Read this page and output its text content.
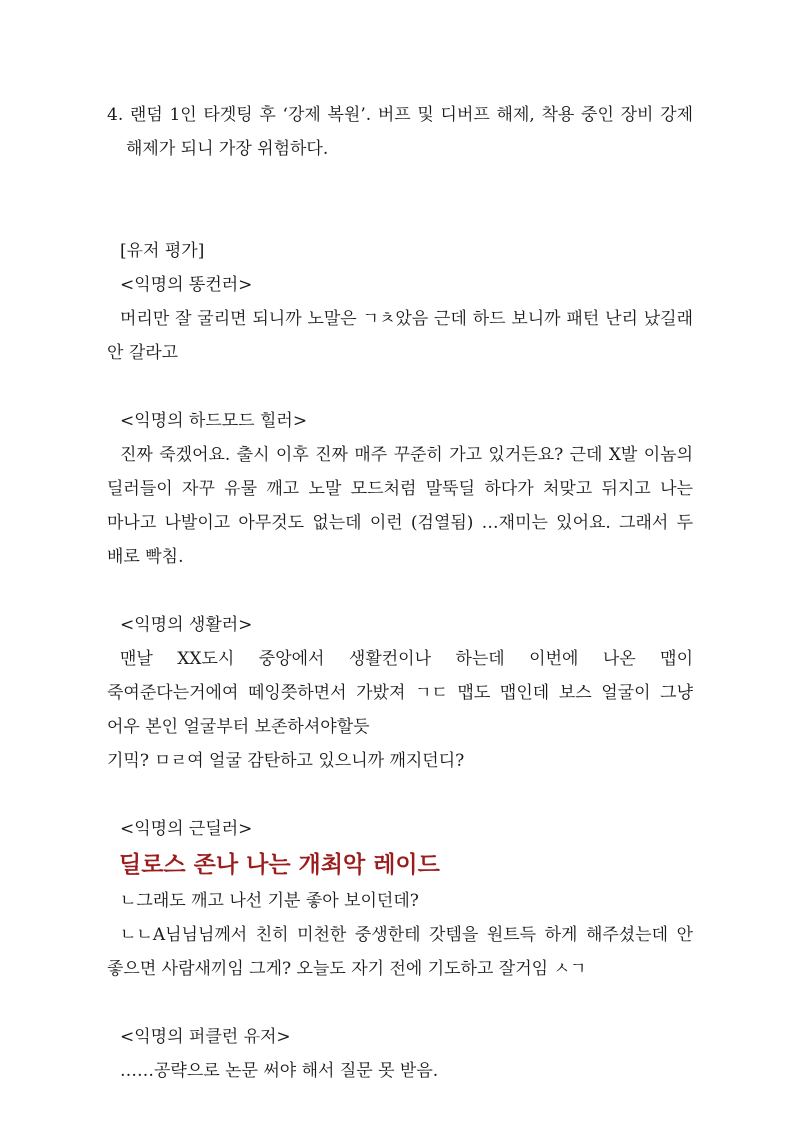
4. 랜덤 1인 타겟팅 후 ‘강제 복원’. 버프 및 디버프 해제, 착용 중인 장비 강제 해제가 되니 가장 위험하다.

[유저 평가]

<익명의 똥컨러>

머리만 잘 굴리면 되니까 노말은 ㄱㅊ았음 근데 하드 보니까 패턴 난리 났길래 안 갈라고

<익명의 하드모드 힐러>

진짜 죽겠어요. 출시 이후 진짜 매주 꾸준히 가고 있거든요? 근데 X발 이놈의 딜러들이 자꾸 유물 깨고 노말 모드처럼 말뚝딜 하다가 처맞고 뒤지고 나는 마나고 나발이고 아무것도 없는데 이런 (검열됨) …재미는 있어요. 그래서 두 배로 빡침.

<익명의 생활러>

맨날 XX도시 중앙에서 생활컨이나 하는데 이번에 나온 맵이 죽여준다는거에여 떼잉쯧하면서 가밨져 ㄱㄷ 맵도 맵인데 보스 얼굴이 그냥 어우 본인 얼굴부터 보존하셔야할듯

기믹? ㅁㄹ여 얼굴 감탄하고 있으니까 깨지던디?

<익명의 근딜러>

딜로스 존나 나는 개최악 레이드

ㄴ그래도 깨고 나선 기분 좋아 보이던데?

ㄴㄴA님님님께서 친히 미천한 중생한테 갓템을 원트득 하게 해주셨는데 안 좋으면 사람새끼임 그게? 오늘도 자기 전에 기도하고 잘거임 ㅅㄱ

<익명의 퍼클런 유저>

……공략으로 논문 써야 해서 질문 못 받음.
